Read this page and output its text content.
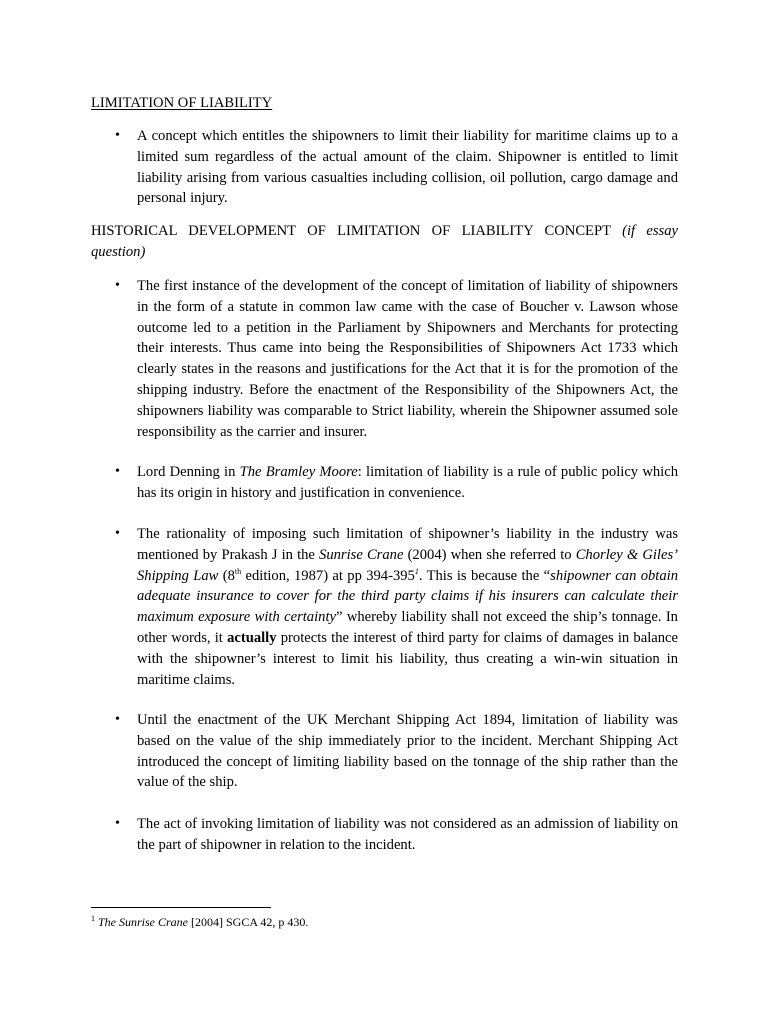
LIMITATION OF LIABILITY
• A concept which entitles the shipowners to limit their liability for maritime claims up to a limited sum regardless of the actual amount of the claim. Shipowner is entitled to limit liability arising from various casualties including collision, oil pollution, cargo damage and personal injury.
HISTORICAL DEVELOPMENT OF LIMITATION OF LIABILITY CONCEPT (if essay
question)
• The first instance of the development of the concept of limitation of liability of shipowners in the form of a statute in common law came with the case of Boucher v. Lawson whose outcome led to a petition in the Parliament by Shipowners and Merchants for protecting their interests. Thus came into being the Responsibilities of Shipowners Act 1733 which clearly states in the reasons and justifications for the Act that it is for the promotion of the shipping industry. Before the enactment of the Responsibility of the Shipowners Act, the shipowners liability was comparable to Strict liability, wherein the Shipowner assumed sole responsibility as the carrier and insurer.
• Lord Denning in The Bramley Moore: limitation of liability is a rule of public policy which has its origin in history and justification in convenience.
• The rationality of imposing such limitation of shipowner’s liability in the industry was mentioned by Prakash J in the Sunrise Crane (2004) when she referred to Chorley & Giles’ Shipping Law (8th edition, 1987) at pp $394-395^1$. This is because the “shipowner can obtain adequate insurance to cover for the third party claims if his insurers can calculate their maximum exposure with certainty” whereby liability shall not exceed the ship’s tonnage. In other words, it actually protects the interest of third party for claims of damages in balance with the shipowner’s interest to limit his liability, thus creating a win-win situation in maritime claims.
• Until the enactment of the UK Merchant Shipping Act 1894, limitation of liability was based on the value of the ship immediately prior to the incident. Merchant Shipping Act introduced the concept of limiting liability based on the tonnage of the ship rather than the value of the ship.
• The act of invoking limitation of liability was not considered as an admission of liability on the part of shipowner in relation to the incident.
$^1$ The Sunrise Crane [2004] SGCA 42, p 430.
